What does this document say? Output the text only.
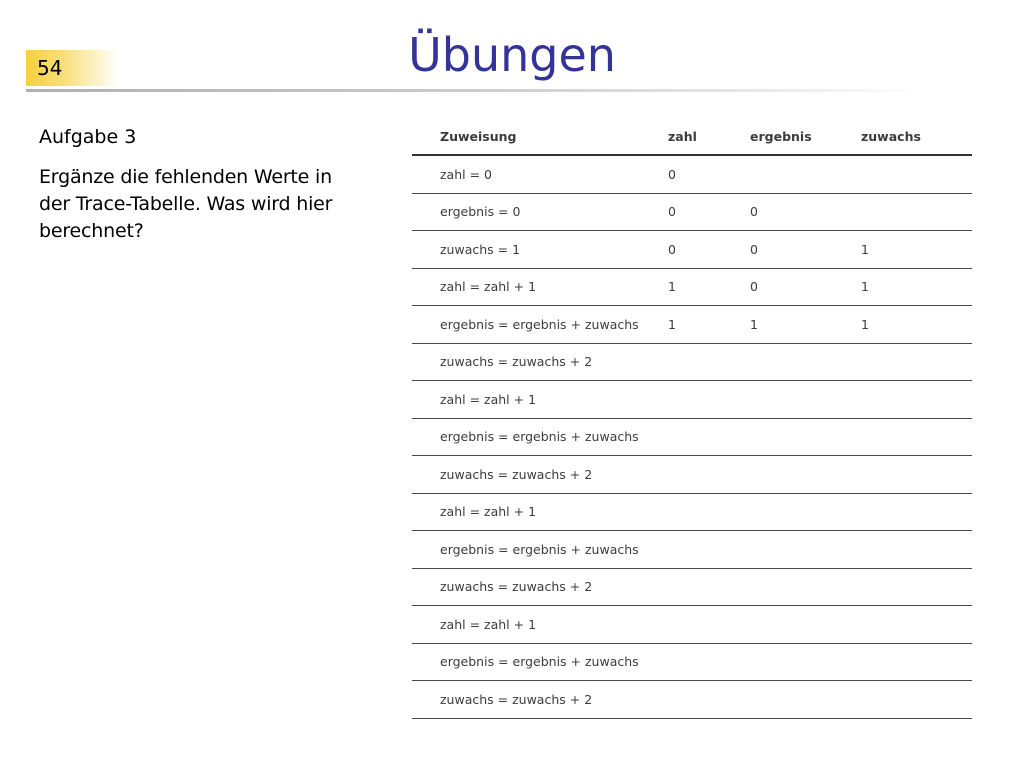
54	Übungen

Aufgabe 3

Ergänze die fehlenden Werte in der Trace-Tabelle. Was wird hier berechnet?

Zuweisung	zahl	ergebnis	zuwachs
zahl = 0	0		
ergebnis = 0	0	0	
zuwachs = 1	0	0	1
zahl = zahl + 1	1	0	1
ergebnis = ergebnis + zuwachs	1	1	1
zuwachs = zuwachs + 2			
zahl = zahl + 1			
ergebnis = ergebnis + zuwachs			
zuwachs = zuwachs + 2			
zahl = zahl + 1			
ergebnis = ergebnis + zuwachs			
zuwachs = zuwachs + 2			
zahl = zahl + 1			
ergebnis = ergebnis + zuwachs			
zuwachs = zuwachs + 2			
